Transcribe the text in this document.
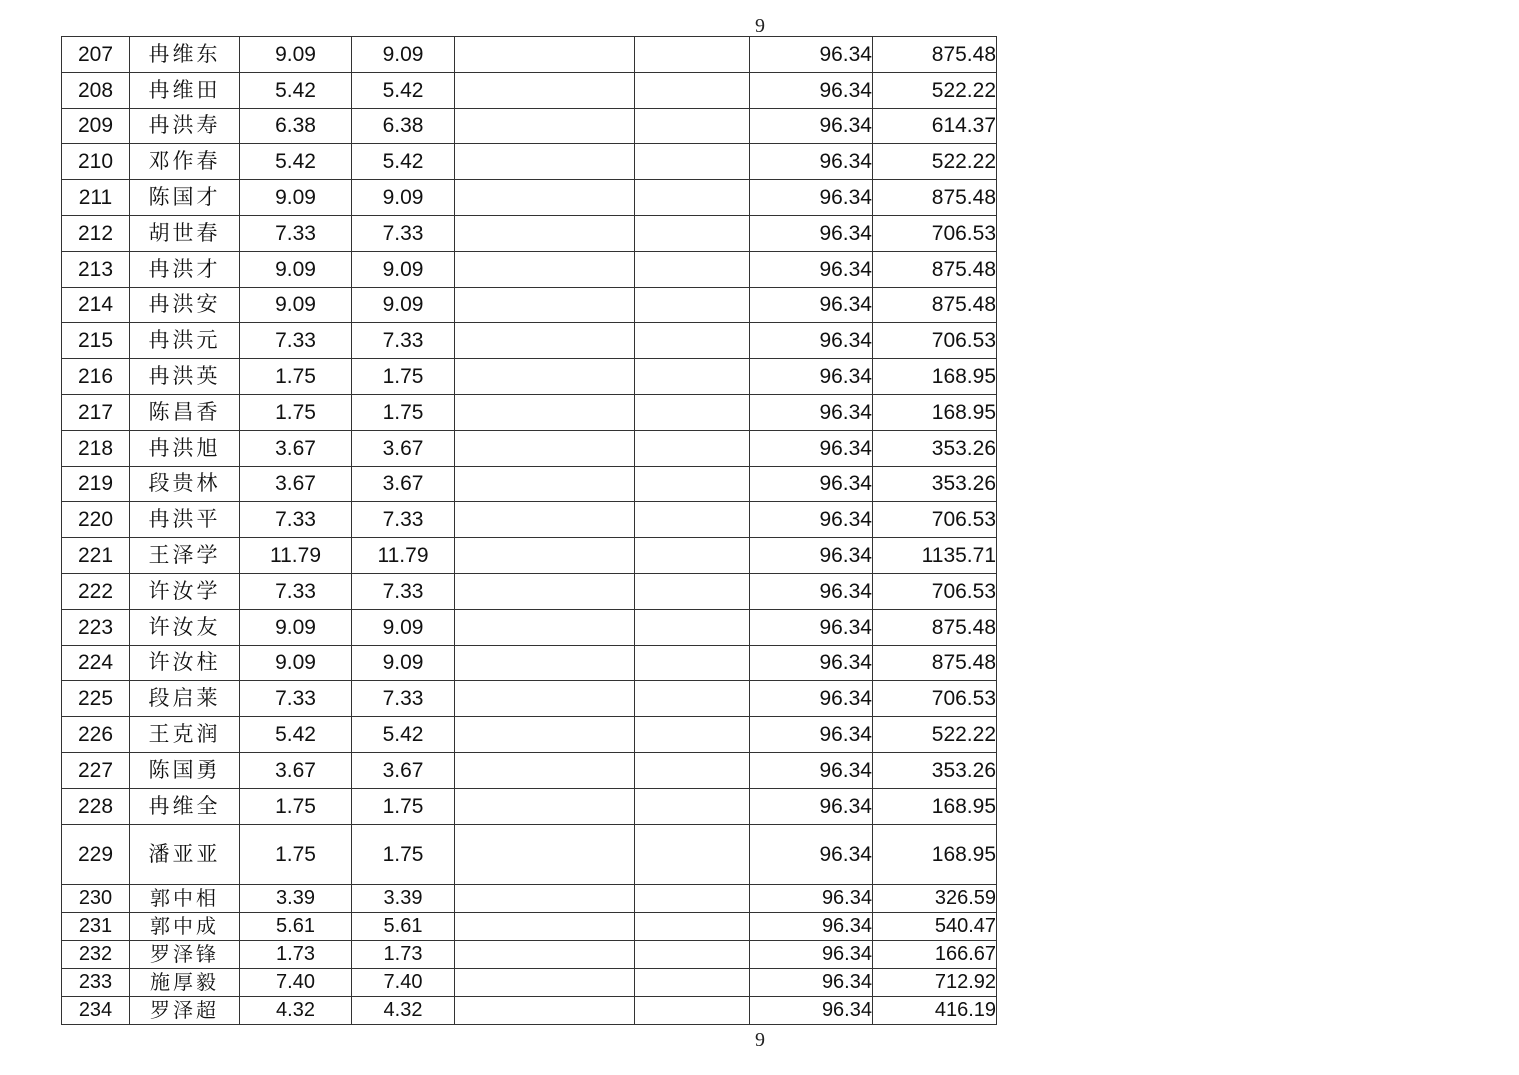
9
207	冉维东	9.09	9.09			96.34	875.48
208	冉维田	5.42	5.42			96.34	522.22
209	冉洪寿	6.38	6.38			96.34	614.37
210	邓作春	5.42	5.42			96.34	522.22
211	陈国才	9.09	9.09			96.34	875.48
212	胡世春	7.33	7.33			96.34	706.53
213	冉洪才	9.09	9.09			96.34	875.48
214	冉洪安	9.09	9.09			96.34	875.48
215	冉洪元	7.33	7.33			96.34	706.53
216	冉洪英	1.75	1.75			96.34	168.95
217	陈昌香	1.75	1.75			96.34	168.95
218	冉洪旭	3.67	3.67			96.34	353.26
219	段贵林	3.67	3.67			96.34	353.26
220	冉洪平	7.33	7.33			96.34	706.53
221	王泽学	11.79	11.79			96.34	1135.71
222	许汝学	7.33	7.33			96.34	706.53
223	许汝友	9.09	9.09			96.34	875.48
224	许汝柱	9.09	9.09			96.34	875.48
225	段启莱	7.33	7.33			96.34	706.53
226	王克润	5.42	5.42			96.34	522.22
227	陈国勇	3.67	3.67			96.34	353.26
228	冉维全	1.75	1.75			96.34	168.95
229	潘亚亚	1.75	1.75			96.34	168.95
230	郭中相	3.39	3.39			96.34	326.59
231	郭中成	5.61	5.61			96.34	540.47
232	罗泽锋	1.73	1.73			96.34	166.67
233	施厚毅	7.40	7.40			96.34	712.92
234	罗泽超	4.32	4.32			96.34	416.19
9
